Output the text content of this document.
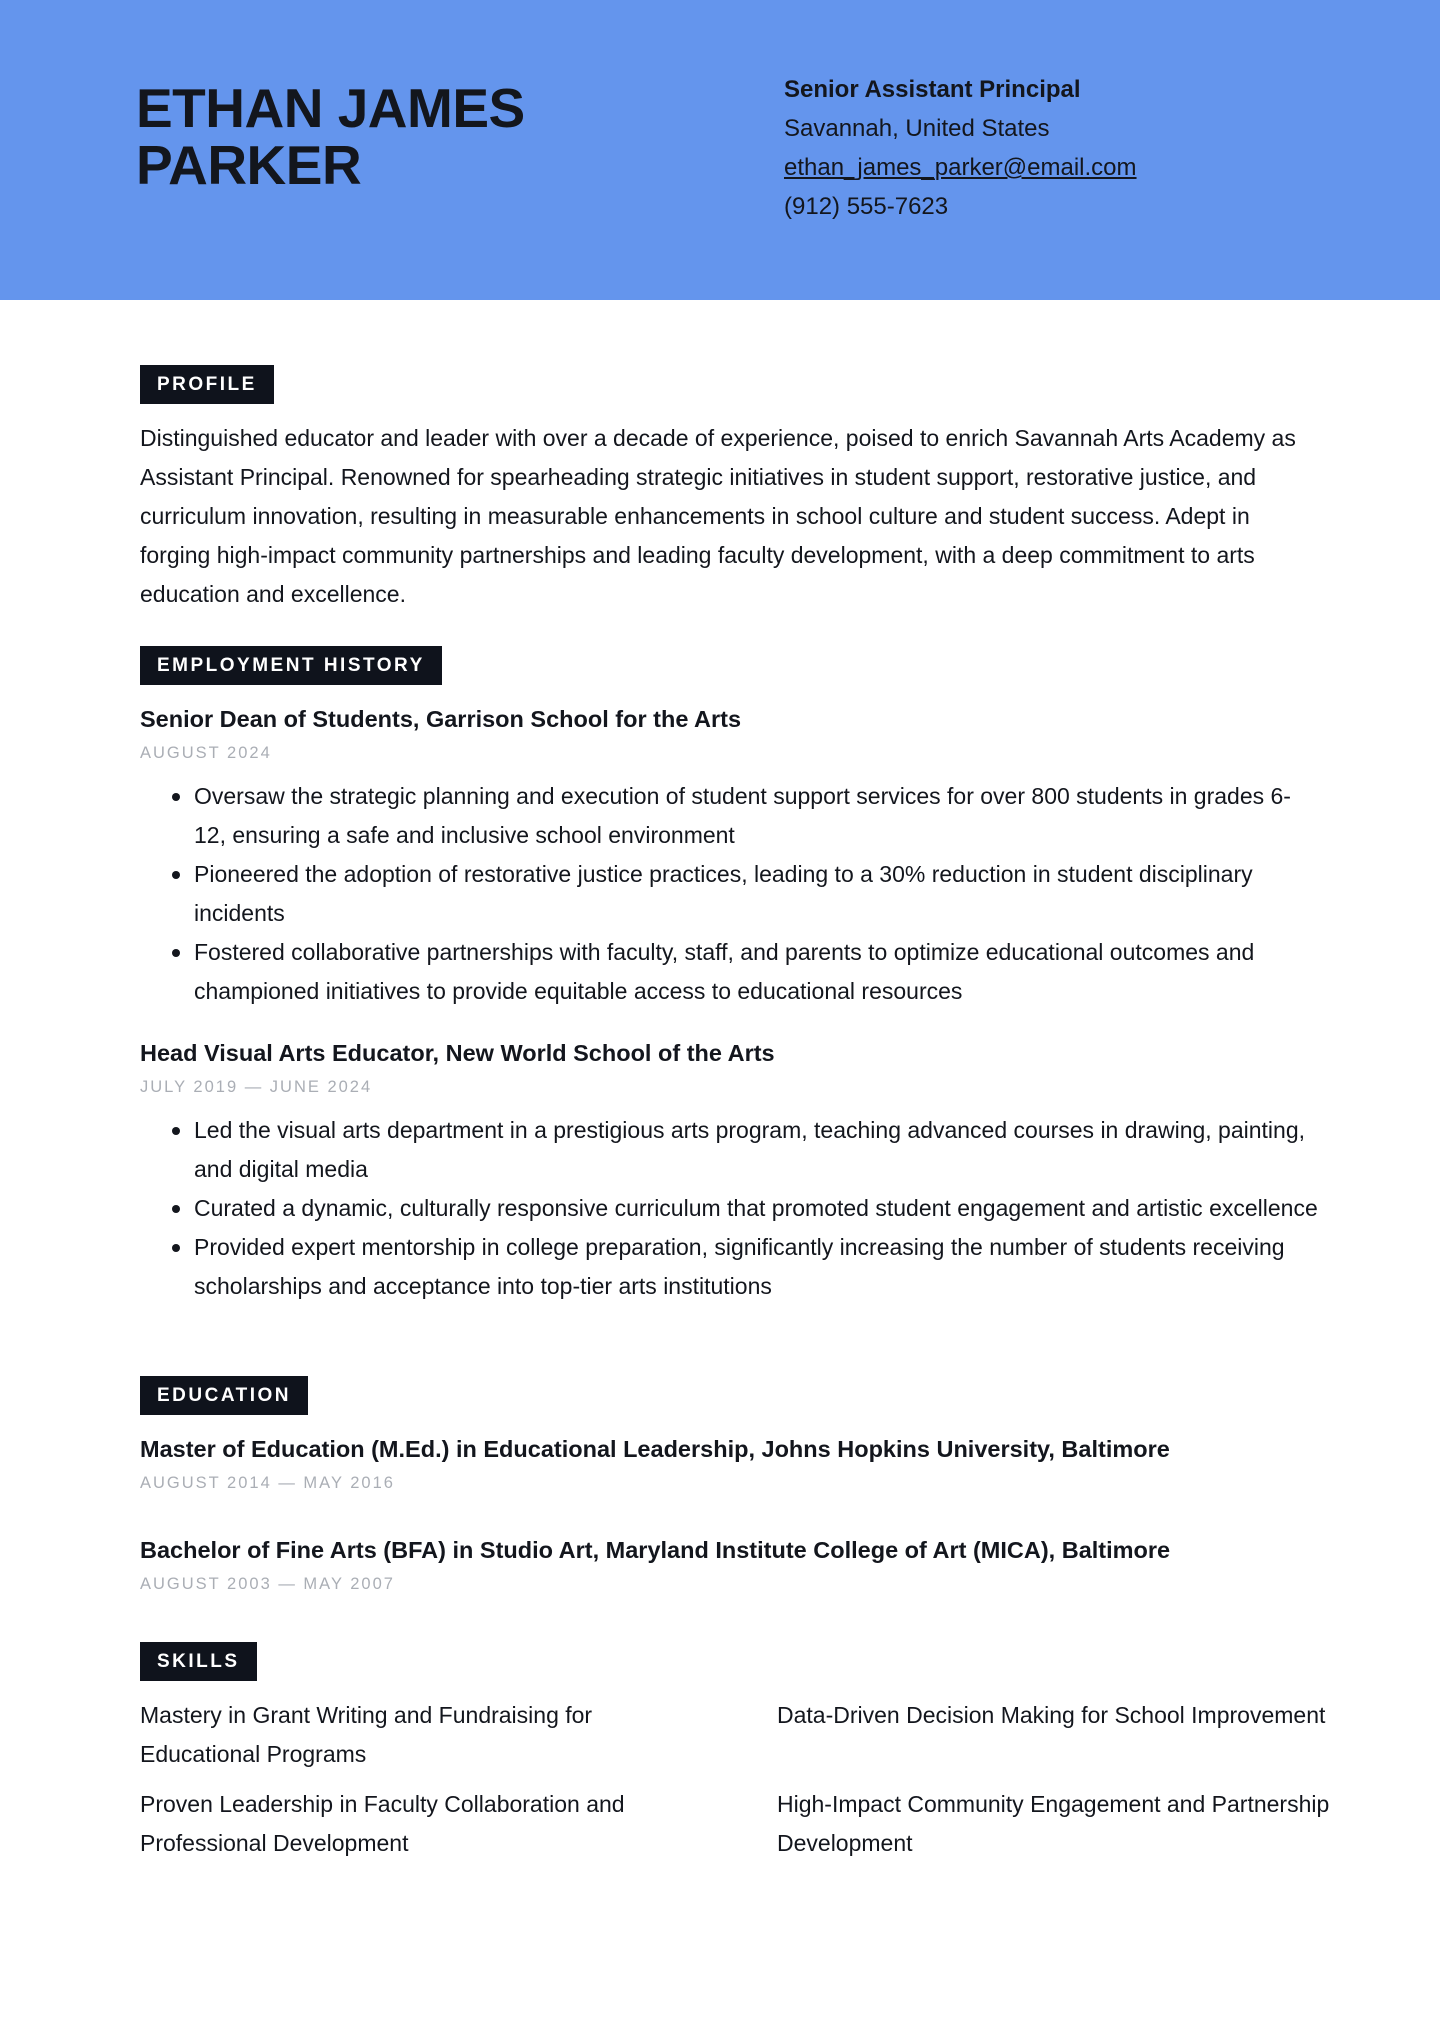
ETHAN JAMES
PARKER
Senior Assistant Principal
Savannah, United States
ethan_james_parker@email.com
(912) 555-7623
PROFILE
Distinguished educator and leader with over a decade of experience, poised to enrich Savannah Arts Academy as Assistant Principal. Renowned for spearheading strategic initiatives in student support, restorative justice, and curriculum innovation, resulting in measurable enhancements in school culture and student success. Adept in forging high-impact community partnerships and leading faculty development, with a deep commitment to arts education and excellence.
EMPLOYMENT HISTORY
Senior Dean of Students, Garrison School for the Arts
AUGUST 2024
Oversaw the strategic planning and execution of student support services for over 800 students in grades 6-12, ensuring a safe and inclusive school environment
Pioneered the adoption of restorative justice practices, leading to a 30% reduction in student disciplinary incidents
Fostered collaborative partnerships with faculty, staff, and parents to optimize educational outcomes and championed initiatives to provide equitable access to educational resources
Head Visual Arts Educator, New World School of the Arts
JULY 2019 — JUNE 2024
Led the visual arts department in a prestigious arts program, teaching advanced courses in drawing, painting, and digital media
Curated a dynamic, culturally responsive curriculum that promoted student engagement and artistic excellence
Provided expert mentorship in college preparation, significantly increasing the number of students receiving scholarships and acceptance into top-tier arts institutions
EDUCATION
Master of Education (M.Ed.) in Educational Leadership, Johns Hopkins University, Baltimore
AUGUST 2014 — MAY 2016
Bachelor of Fine Arts (BFA) in Studio Art, Maryland Institute College of Art (MICA), Baltimore
AUGUST 2003 — MAY 2007
SKILLS
Mastery in Grant Writing and Fundraising for Educational Programs
Data-Driven Decision Making for School Improvement
Proven Leadership in Faculty Collaboration and Professional Development
High-Impact Community Engagement and Partnership Development
